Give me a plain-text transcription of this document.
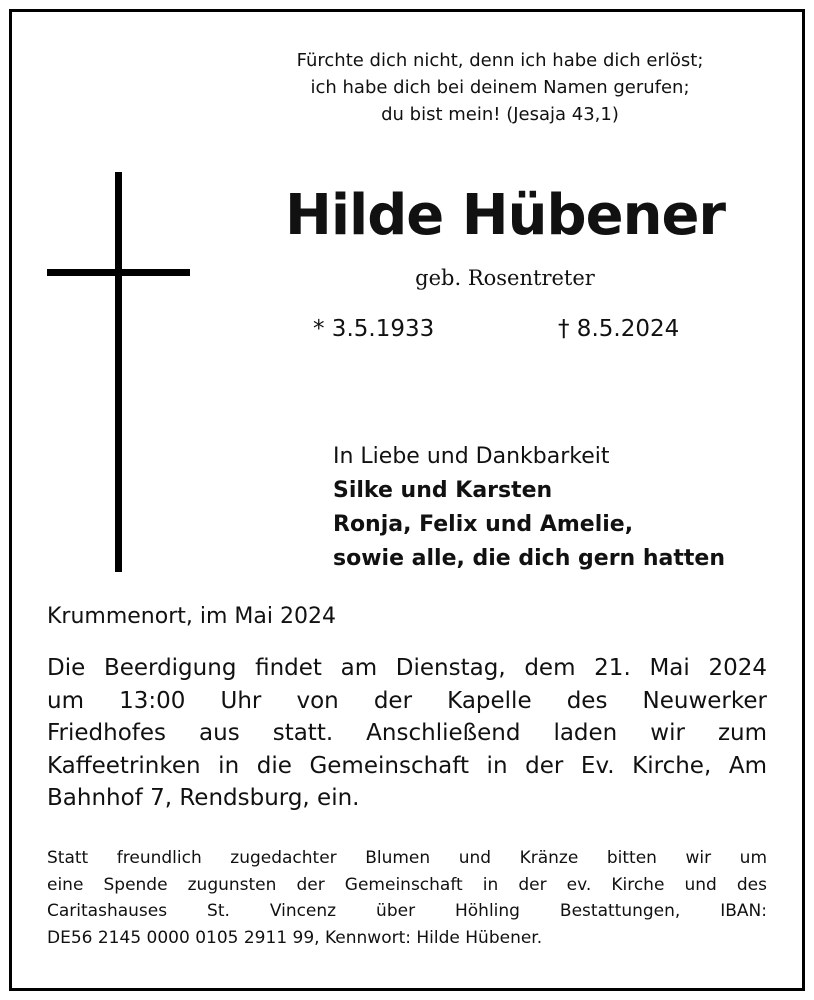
Fürchte dich nicht, denn ich habe dich erlöst;
ich habe dich bei deinem Namen gerufen;
du bist mein! (Jesaja 43,1)
Hilde Hübener
geb. Rosentreter
* 3.5.1933	† 8.5.2024
In Liebe und Dankbarkeit
Silke und Karsten
Ronja, Felix und Amelie,
sowie alle, die dich gern hatten
Krummenort, im Mai 2024
Die Beerdigung findet am Dienstag, dem 21. Mai 2024
um 13:00 Uhr von der Kapelle des Neuwerker
Friedhofes aus statt. Anschließend laden wir zum
Kaffeetrinken in die Gemeinschaft in der Ev. Kirche, Am
Bahnhof 7, Rendsburg, ein.
Statt freundlich zugedachter Blumen und Kränze bitten wir um
eine Spende zugunsten der Gemeinschaft in der ev. Kirche und des
Caritashauses St. Vincenz über Höhling Bestattungen, IBAN:
DE56 2145 0000 0105 2911 99, Kennwort: Hilde Hübener.
